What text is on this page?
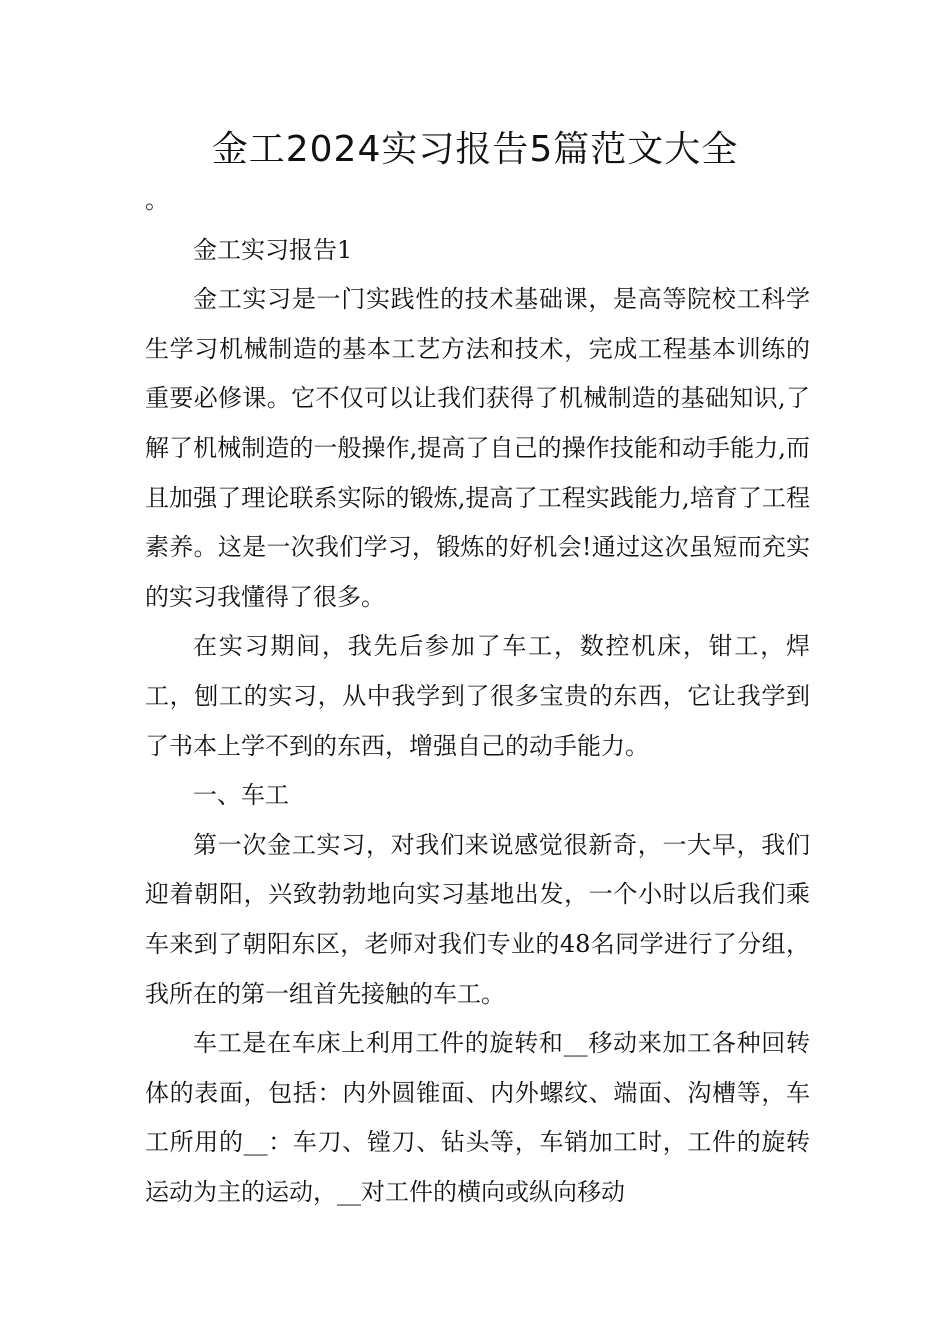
金工2024实习报告5篇范文大全

。

金工实习报告1

金工实习是一门实践性的技术基础课，是高等院校工科学生学习机械制造的基本工艺方法和技术，完成工程基本训练的重要必修课。它不仅可以让我们获得了机械制造的基础知识,了解了机械制造的一般操作,提高了自己的操作技能和动手能力,而且加强了理论联系实际的锻炼,提高了工程实践能力,培育了工程素养。这是一次我们学习，锻炼的好机会!通过这次虽短而充实的实习我懂得了很多。

在实习期间，我先后参加了车工，数控机床，钳工，焊工，刨工的实习，从中我学到了很多宝贵的东西，它让我学到了书本上学不到的东西，增强自己的动手能力。

一、车工

第一次金工实习，对我们来说感觉很新奇，一大早，我们迎着朝阳，兴致勃勃地向实习基地出发，一个小时以后我们乘车来到了朝阳东区，老师对我们专业的48名同学进行了分组，我所在的第一组首先接触的车工。

车工是在车床上利用工件的旋转和__移动来加工各种回转体的表面，包括：内外圆锥面、内外螺纹、端面、沟槽等，车工所用的__：车刀、镗刀、钻头等，车销加工时，工件的旋转运动为主的运动，__对工件的横向或纵向移动
